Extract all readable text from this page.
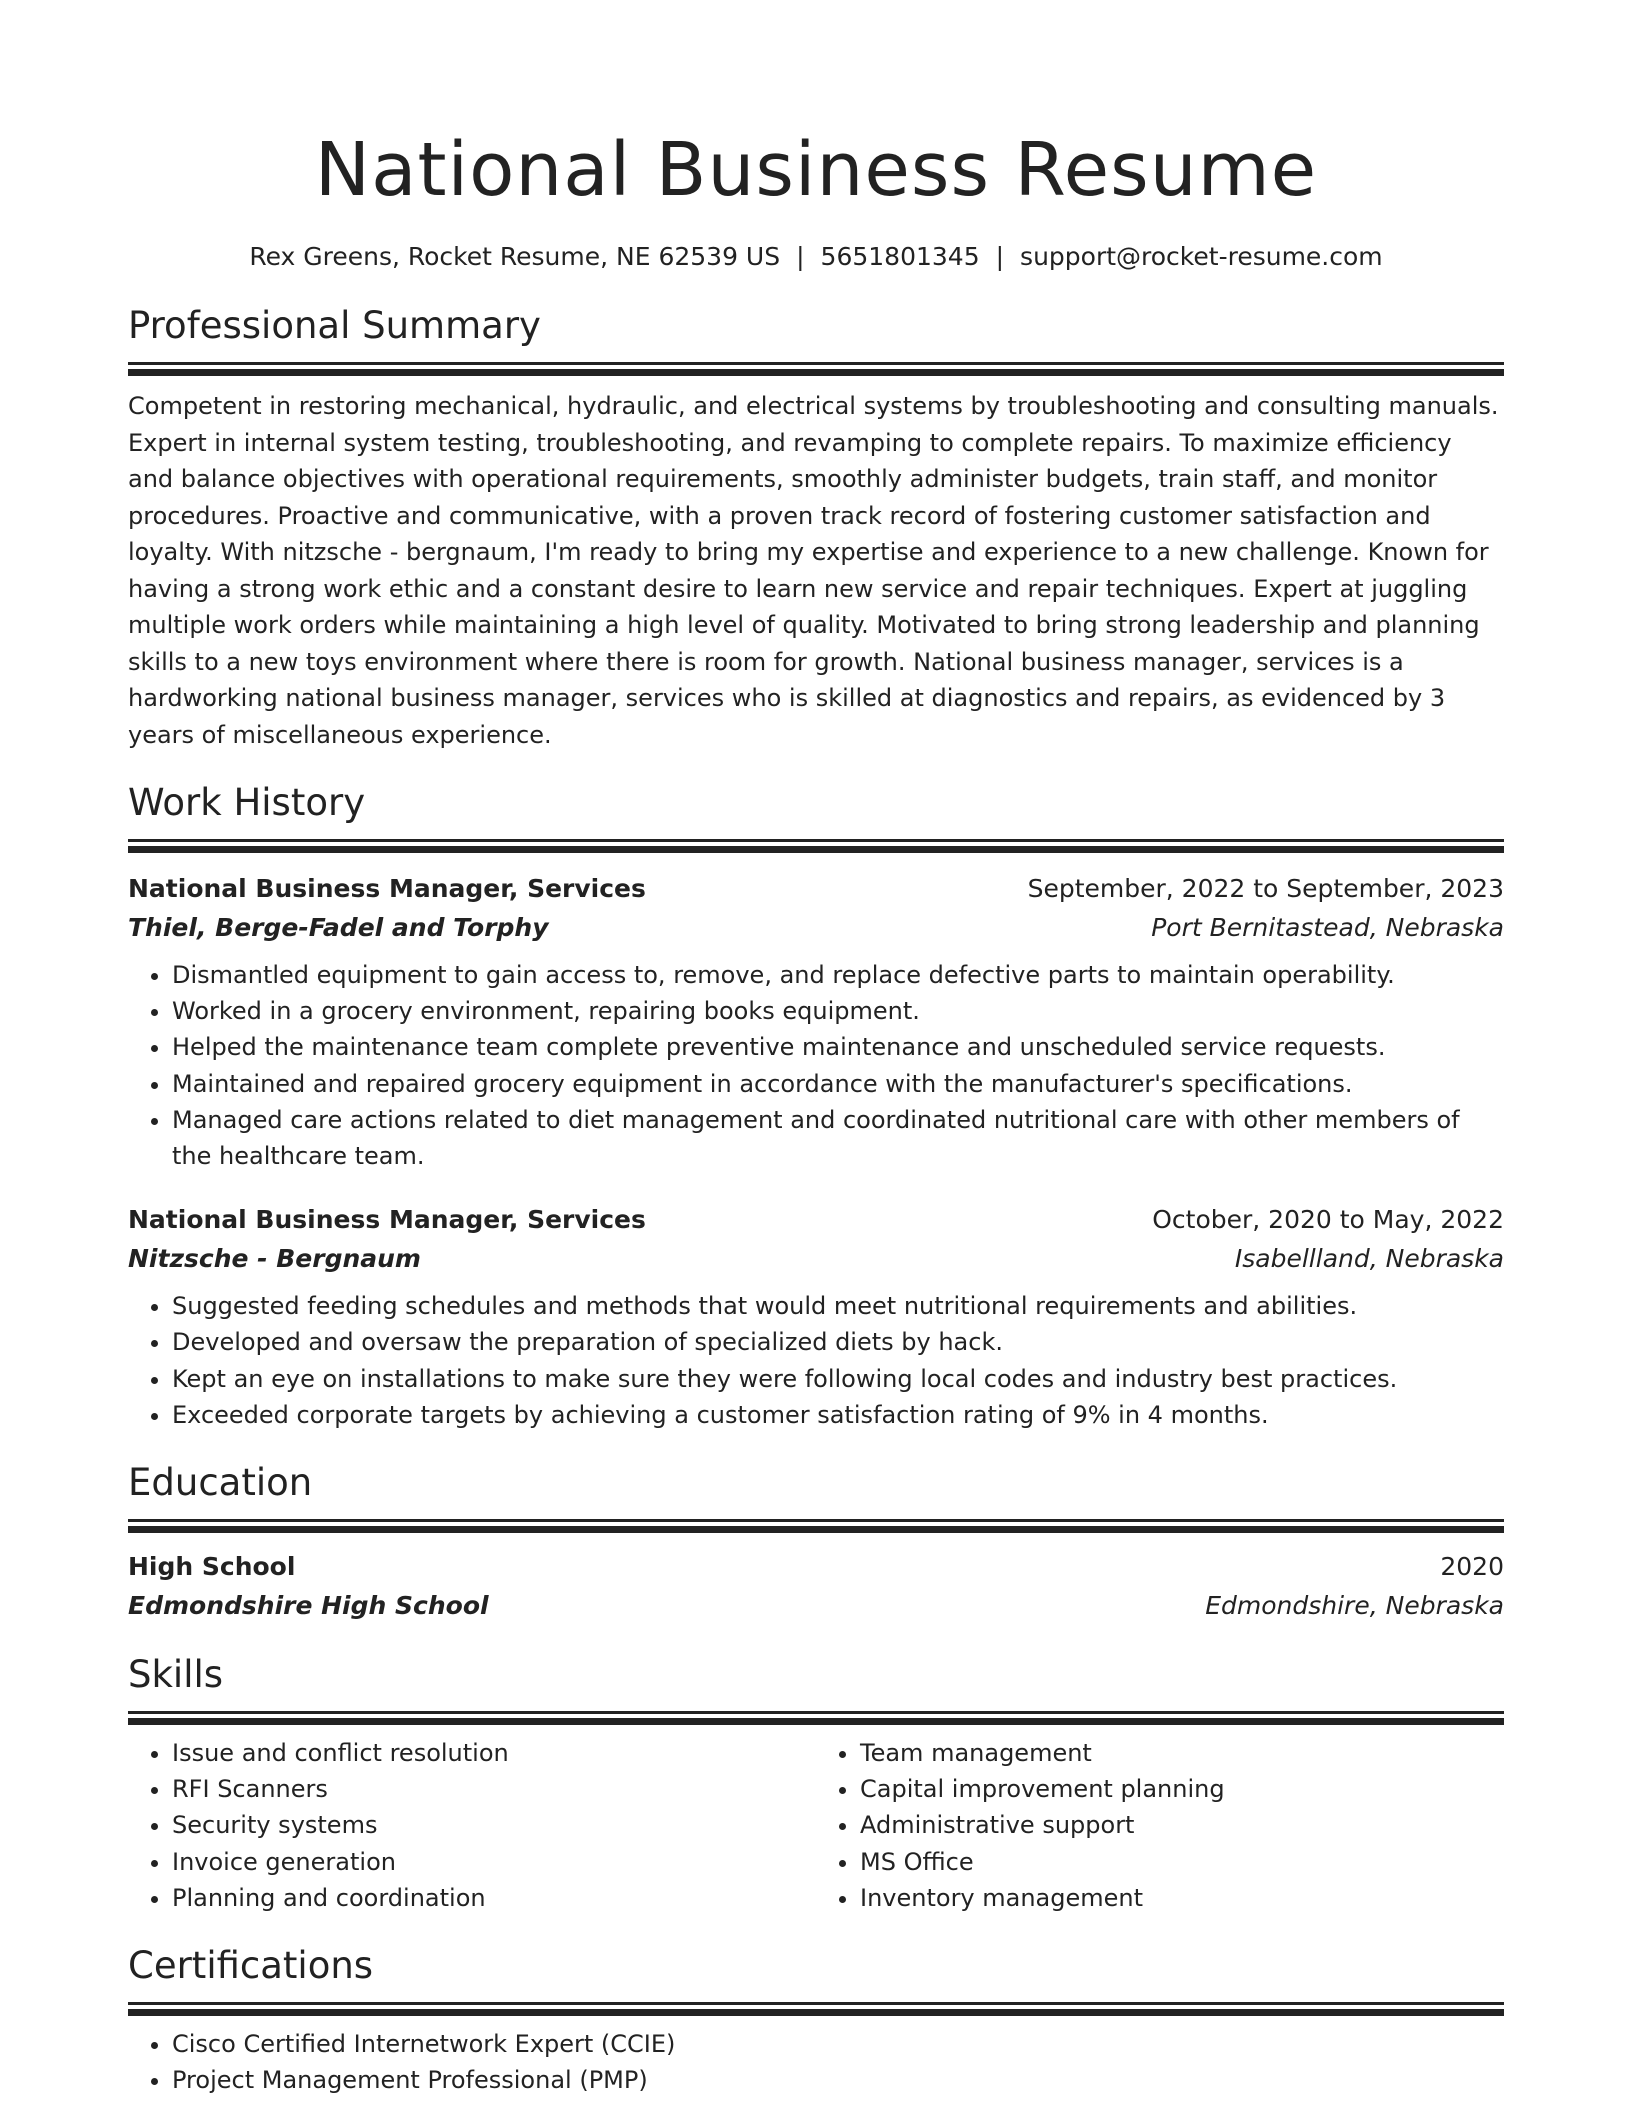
National Business Resume
Rex Greens, Rocket Resume, NE 62539 US | 5651801345 | support@rocket-resume.com
Professional Summary

Competent in restoring mechanical, hydraulic, and electrical systems by troubleshooting and consulting manuals. Expert in internal system testing, troubleshooting, and revamping to complete repairs. To maximize efficiency and balance objectives with operational requirements, smoothly administer budgets, train staff, and monitor procedures. Proactive and communicative, with a proven track record of fostering customer satisfaction and loyalty. With nitzsche - bergnaum, I'm ready to bring my expertise and experience to a new challenge. Known for having a strong work ethic and a constant desire to learn new service and repair techniques. Expert at juggling multiple work orders while maintaining a high level of quality. Motivated to bring strong leadership and planning skills to a new toys environment where there is room for growth. National business manager, services is a hardworking national business manager, services who is skilled at diagnostics and repairs, as evidenced by 3 years of miscellaneous experience.

Work History
National Business Manager, Services	September, 2022 to September, 2023
Thiel, Berge-Fadel and Torphy	Port Bernitastead, Nebraska
• Dismantled equipment to gain access to, remove, and replace defective parts to maintain operability.
• Worked in a grocery environment, repairing books equipment.
• Helped the maintenance team complete preventive maintenance and unscheduled service requests.
• Maintained and repaired grocery equipment in accordance with the manufacturer's specifications.
• Managed care actions related to diet management and coordinated nutritional care with other members of the healthcare team.
National Business Manager, Services	October, 2020 to May, 2022
Nitzsche - Bergnaum	Isabellland, Nebraska
• Suggested feeding schedules and methods that would meet nutritional requirements and abilities.
• Developed and oversaw the preparation of specialized diets by hack.
• Kept an eye on installations to make sure they were following local codes and industry best practices.
• Exceeded corporate targets by achieving a customer satisfaction rating of 9% in 4 months.
Education
High School	2020
Edmondshire High School	Edmondshire, Nebraska
Skills
• Issue and conflict resolution
• RFI Scanners
• Security systems
• Invoice generation
• Planning and coordination
• Team management
• Capital improvement planning
• Administrative support
• MS Office
• Inventory management
Certifications
• Cisco Certified Internetwork Expert (CCIE)
• Project Management Professional (PMP)
